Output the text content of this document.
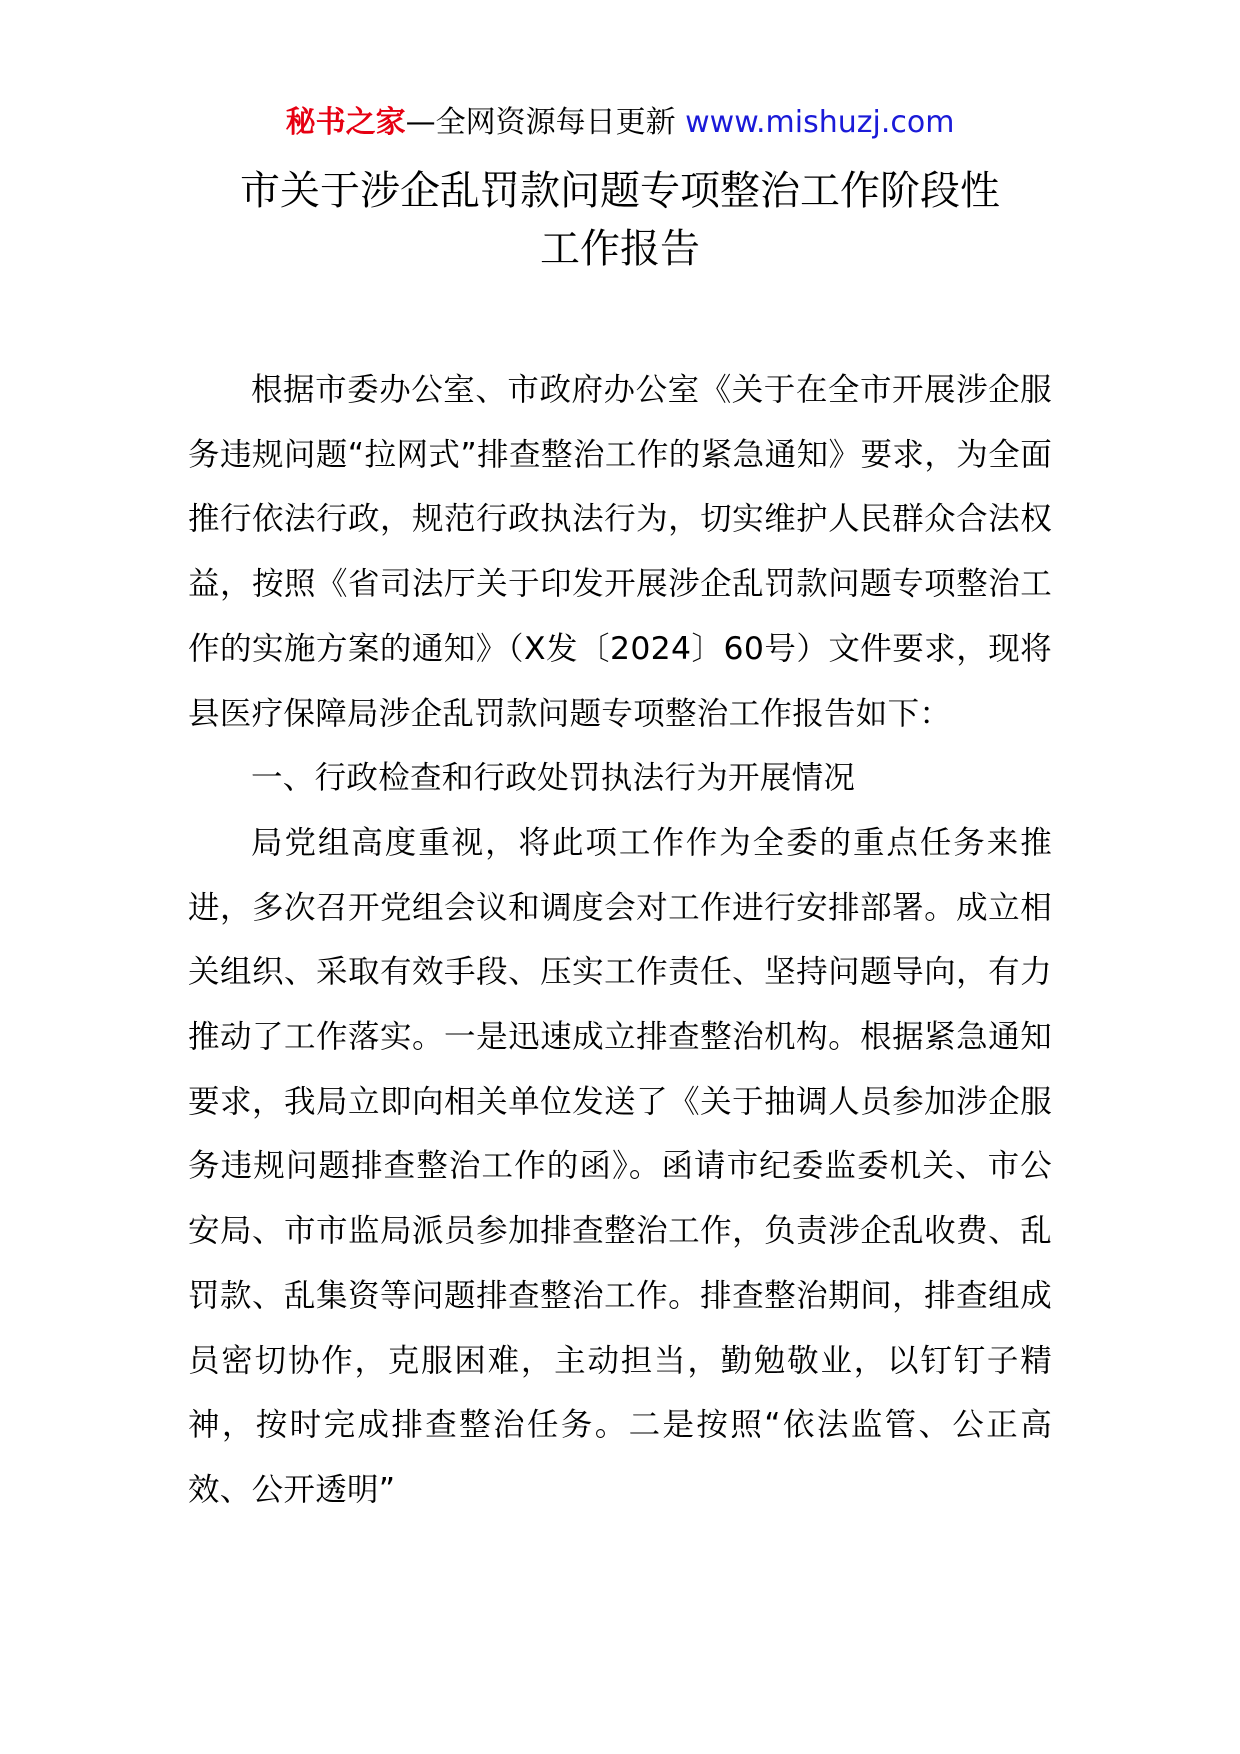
秘书之家—全网资源每日更新 www.mishuzj.com
市关于涉企乱罚款问题专项整治工作阶段性
工作报告

根据市委办公室、市政府办公室《关于在全市开展涉企服务违规问题“拉网式”排查整治工作的紧急通知》要求，为全面推行依法行政，规范行政执法行为，切实维护人民群众合法权益，按照《省司法厅关于印发开展涉企乱罚款问题专项整治工作的实施方案的通知》（X发〔2024〕60号）文件要求，现将县医疗保障局涉企乱罚款问题专项整治工作报告如下：

一、行政检查和行政处罚执法行为开展情况

局党组高度重视，将此项工作作为全委的重点任务来推进，多次召开党组会议和调度会对工作进行安排部署。成立相关组织、采取有效手段、压实工作责任、坚持问题导向，有力推动了工作落实。一是迅速成立排查整治机构。根据紧急通知要求，我局立即向相关单位发送了《关于抽调人员参加涉企服务违规问题排查整治工作的函》。函请市纪委监委机关、市公安局、市市监局派员参加排查整治工作，负责涉企乱收费、乱罚款、乱集资等问题排查整治工作。排查整治期间，排查组成员密切协作，克服困难，主动担当，勤勉敬业，以钉钉子精神，按时完成排查整治任务。二是按照“依法监管、公正高效、公开透明”
